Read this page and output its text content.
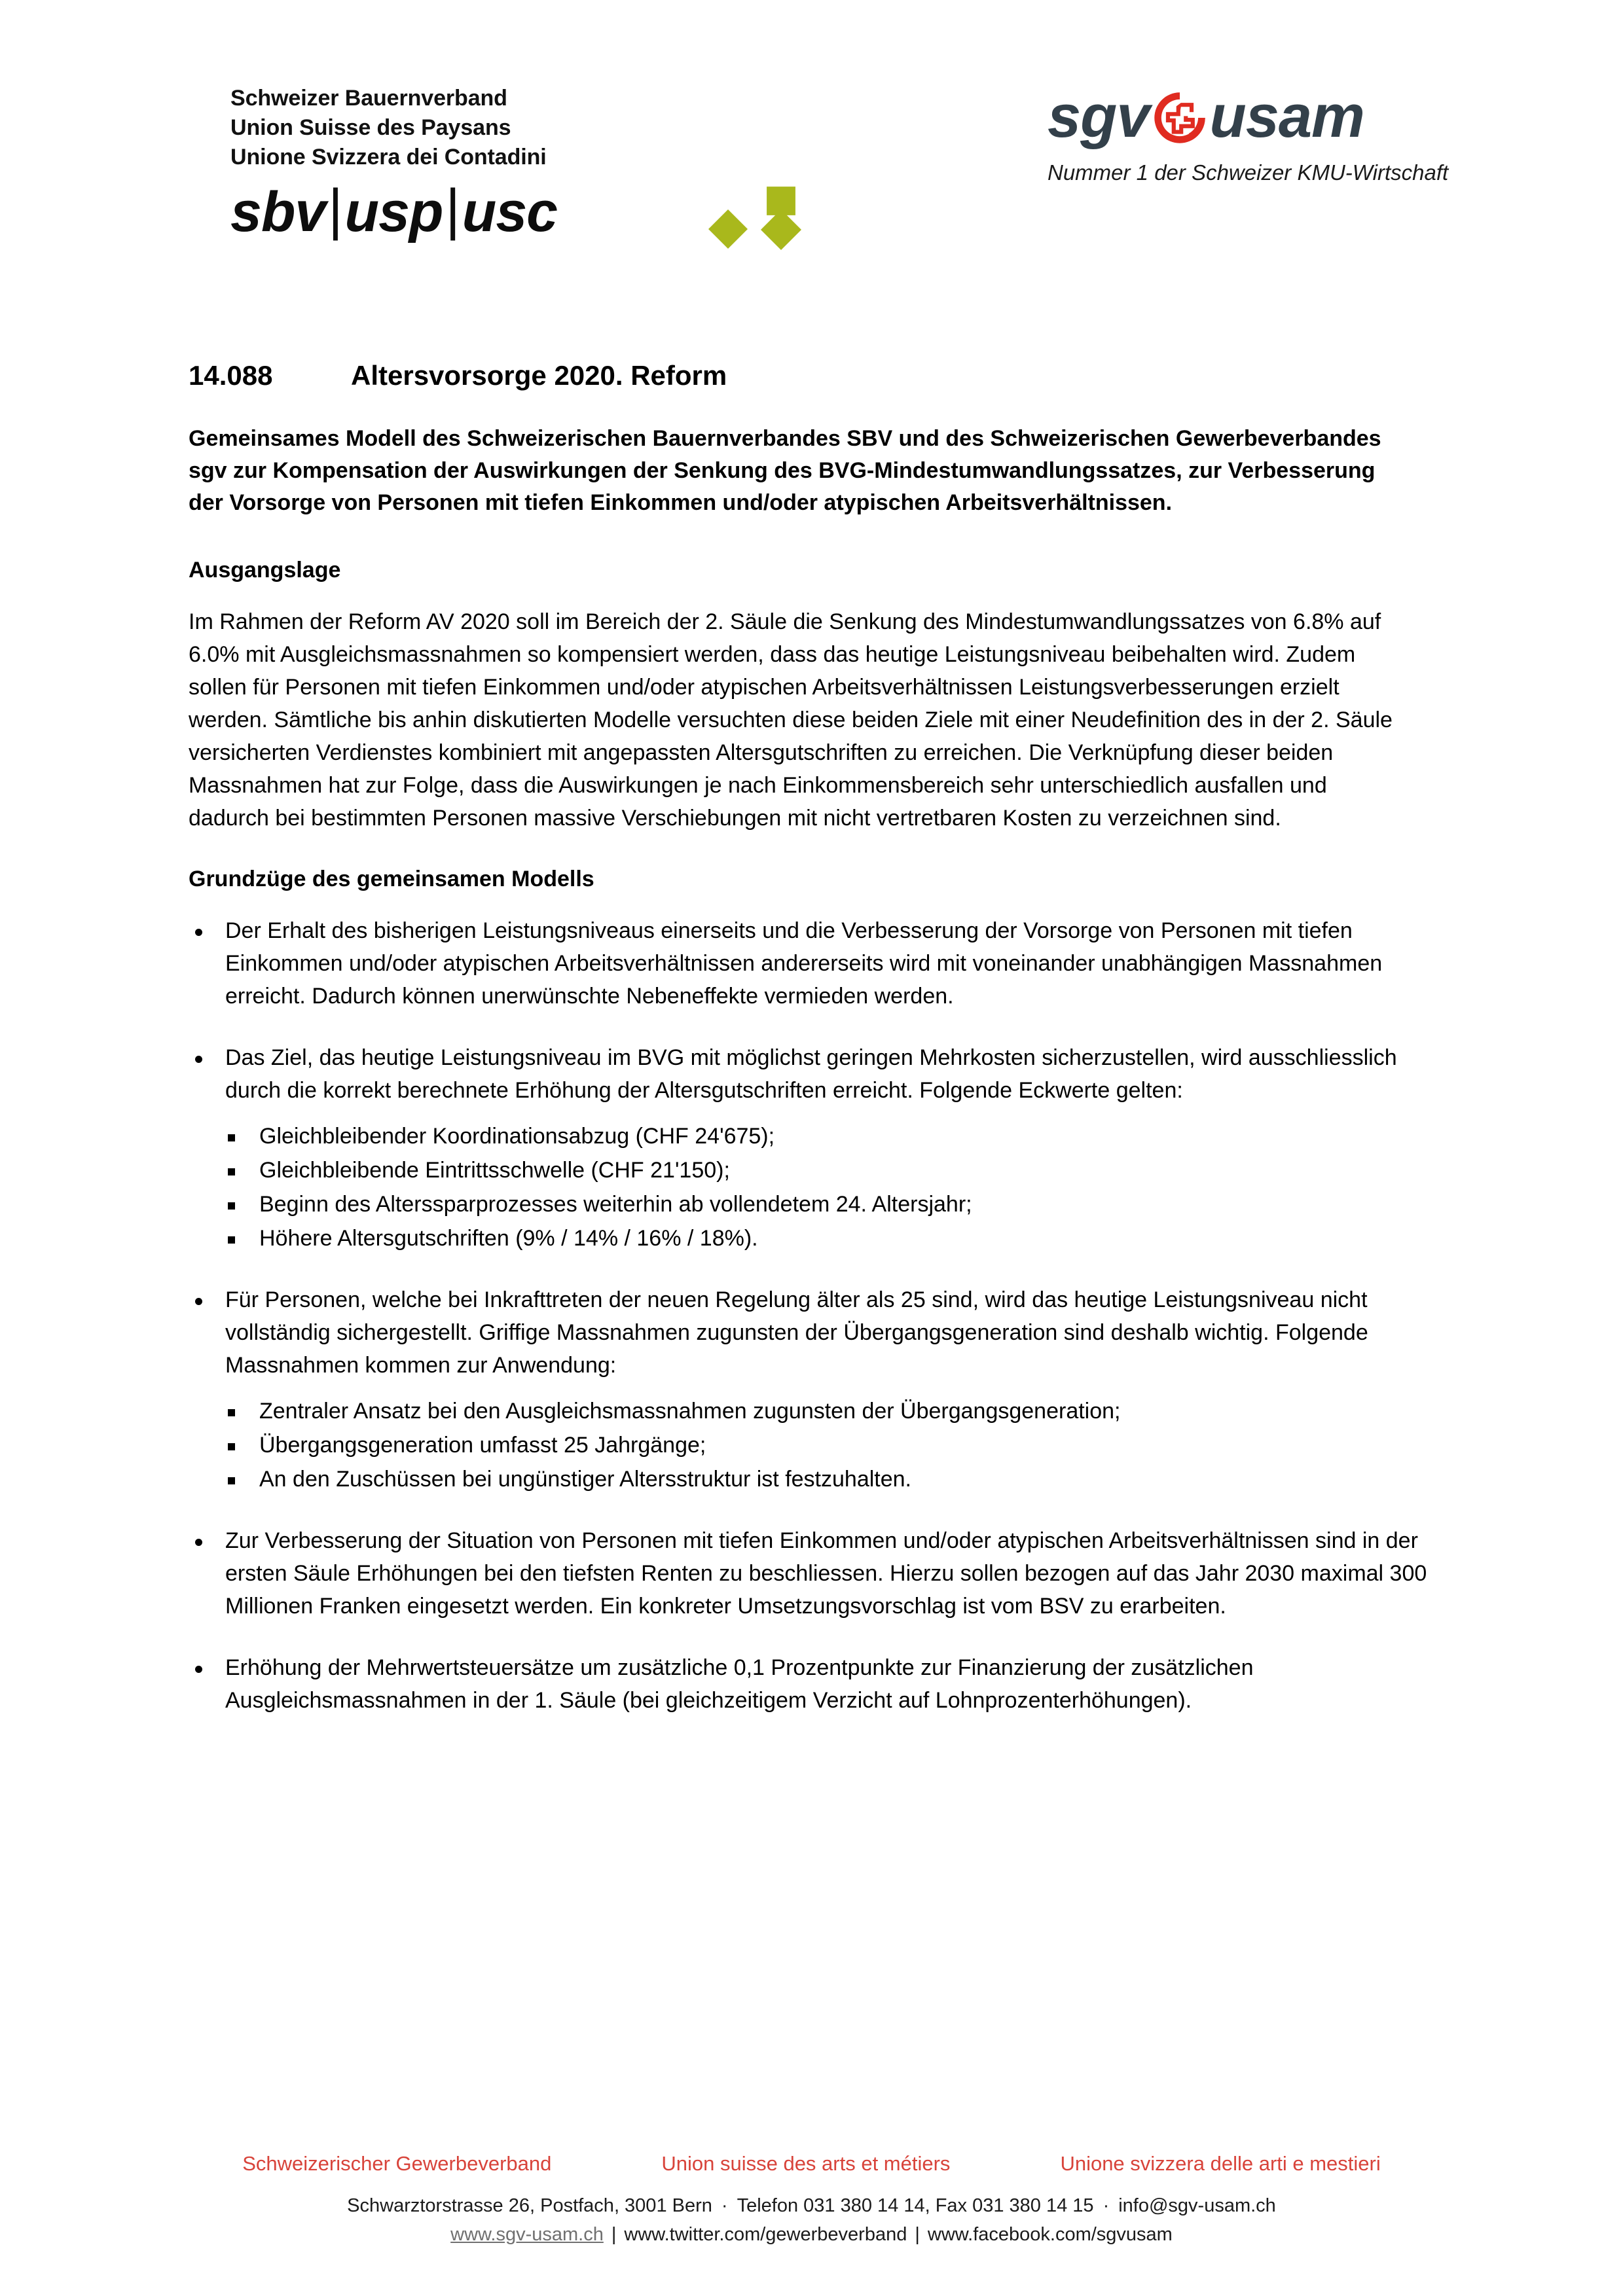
Schweizer Bauernverband
Union Suisse des Paysans
Unione Svizzera dei Contadini
sbv|usp|usc
sgv usam
Nummer 1 der Schweizer KMU-Wirtschaft
14.088	Altersvorsorge 2020. Reform
Gemeinsames Modell des Schweizerischen Bauernverbandes SBV und des Schweizerischen Gewerbeverbandes sgv zur Kompensation der Auswirkungen der Senkung des BVG-Mindestumwandlungssatzes, zur Verbesserung der Vorsorge von Personen mit tiefen Einkommen und/oder atypischen Arbeitsverhältnissen.
Ausgangslage

Im Rahmen der Reform AV 2020 soll im Bereich der 2. Säule die Senkung des Mindestumwandlungssatzes von 6.8% auf 6.0% mit Ausgleichsmassnahmen so kompensiert werden, dass das heutige Leistungsniveau beibehalten wird. Zudem sollen für Personen mit tiefen Einkommen und/oder atypischen Arbeitsverhältnissen Leistungsverbesserungen erzielt werden. Sämtliche bis anhin diskutierten Modelle versuchten diese beiden Ziele mit einer Neudefinition des in der 2. Säule versicherten Verdienstes kombiniert mit angepassten Altersgutschriften zu erreichen. Die Verknüpfung dieser beiden Massnahmen hat zur Folge, dass die Auswirkungen je nach Einkommensbereich sehr unterschiedlich ausfallen und dadurch bei bestimmten Personen massive Verschiebungen mit nicht vertretbaren Kosten zu verzeichnen sind.

Grundzüge des gemeinsamen Modells
Der Erhalt des bisherigen Leistungsniveaus einerseits und die Verbesserung der Vorsorge von Personen mit tiefen Einkommen und/oder atypischen Arbeitsverhältnissen andererseits wird mit voneinander unabhängigen Massnahmen erreicht. Dadurch können unerwünschte Nebeneffekte vermieden werden.
Das Ziel, das heutige Leistungsniveau im BVG mit möglichst geringen Mehrkosten sicherzustellen, wird ausschliesslich durch die korrekt berechnete Erhöhung der Altersgutschriften erreicht. Folgende Eckwerte gelten:
Gleichbleibender Koordinationsabzug (CHF 24'675);
Gleichbleibende Eintrittsschwelle (CHF 21'150);
Beginn des Alterssparprozesses weiterhin ab vollendetem 24. Altersjahr;
Höhere Altersgutschriften (9% / 14% / 16% / 18%).
Für Personen, welche bei Inkrafttreten der neuen Regelung älter als 25 sind, wird das heutige Leistungsniveau nicht vollständig sichergestellt. Griffige Massnahmen zugunsten der Übergangsgeneration sind deshalb wichtig. Folgende Massnahmen kommen zur Anwendung:
Zentraler Ansatz bei den Ausgleichsmassnahmen zugunsten der Übergangsgeneration;
Übergangsgeneration umfasst 25 Jahrgänge;
An den Zuschüssen bei ungünstiger Altersstruktur ist festzuhalten.
Zur Verbesserung der Situation von Personen mit tiefen Einkommen und/oder atypischen Arbeitsverhältnissen sind in der ersten Säule Erhöhungen bei den tiefsten Renten zu beschliessen. Hierzu sollen bezogen auf das Jahr 2030 maximal 300 Millionen Franken eingesetzt werden. Ein konkreter Umsetzungsvorschlag ist vom BSV zu erarbeiten.
Erhöhung der Mehrwertsteuersätze um zusätzliche 0,1 Prozentpunkte zur Finanzierung der zusätzlichen Ausgleichsmassnahmen in der 1. Säule (bei gleichzeitigem Verzicht auf Lohnprozenterhöhungen).
Schweizerischer Gewerbeverband	Union suisse des arts et métiers	Unione svizzera delle arti e mestieri
Schwarztorstrasse 26, Postfach, 3001 Bern · Telefon 031 380 14 14, Fax 031 380 14 15 · info@sgv-usam.ch
www.sgv-usam.ch | www.twitter.com/gewerbeverband | www.facebook.com/sgvusam
